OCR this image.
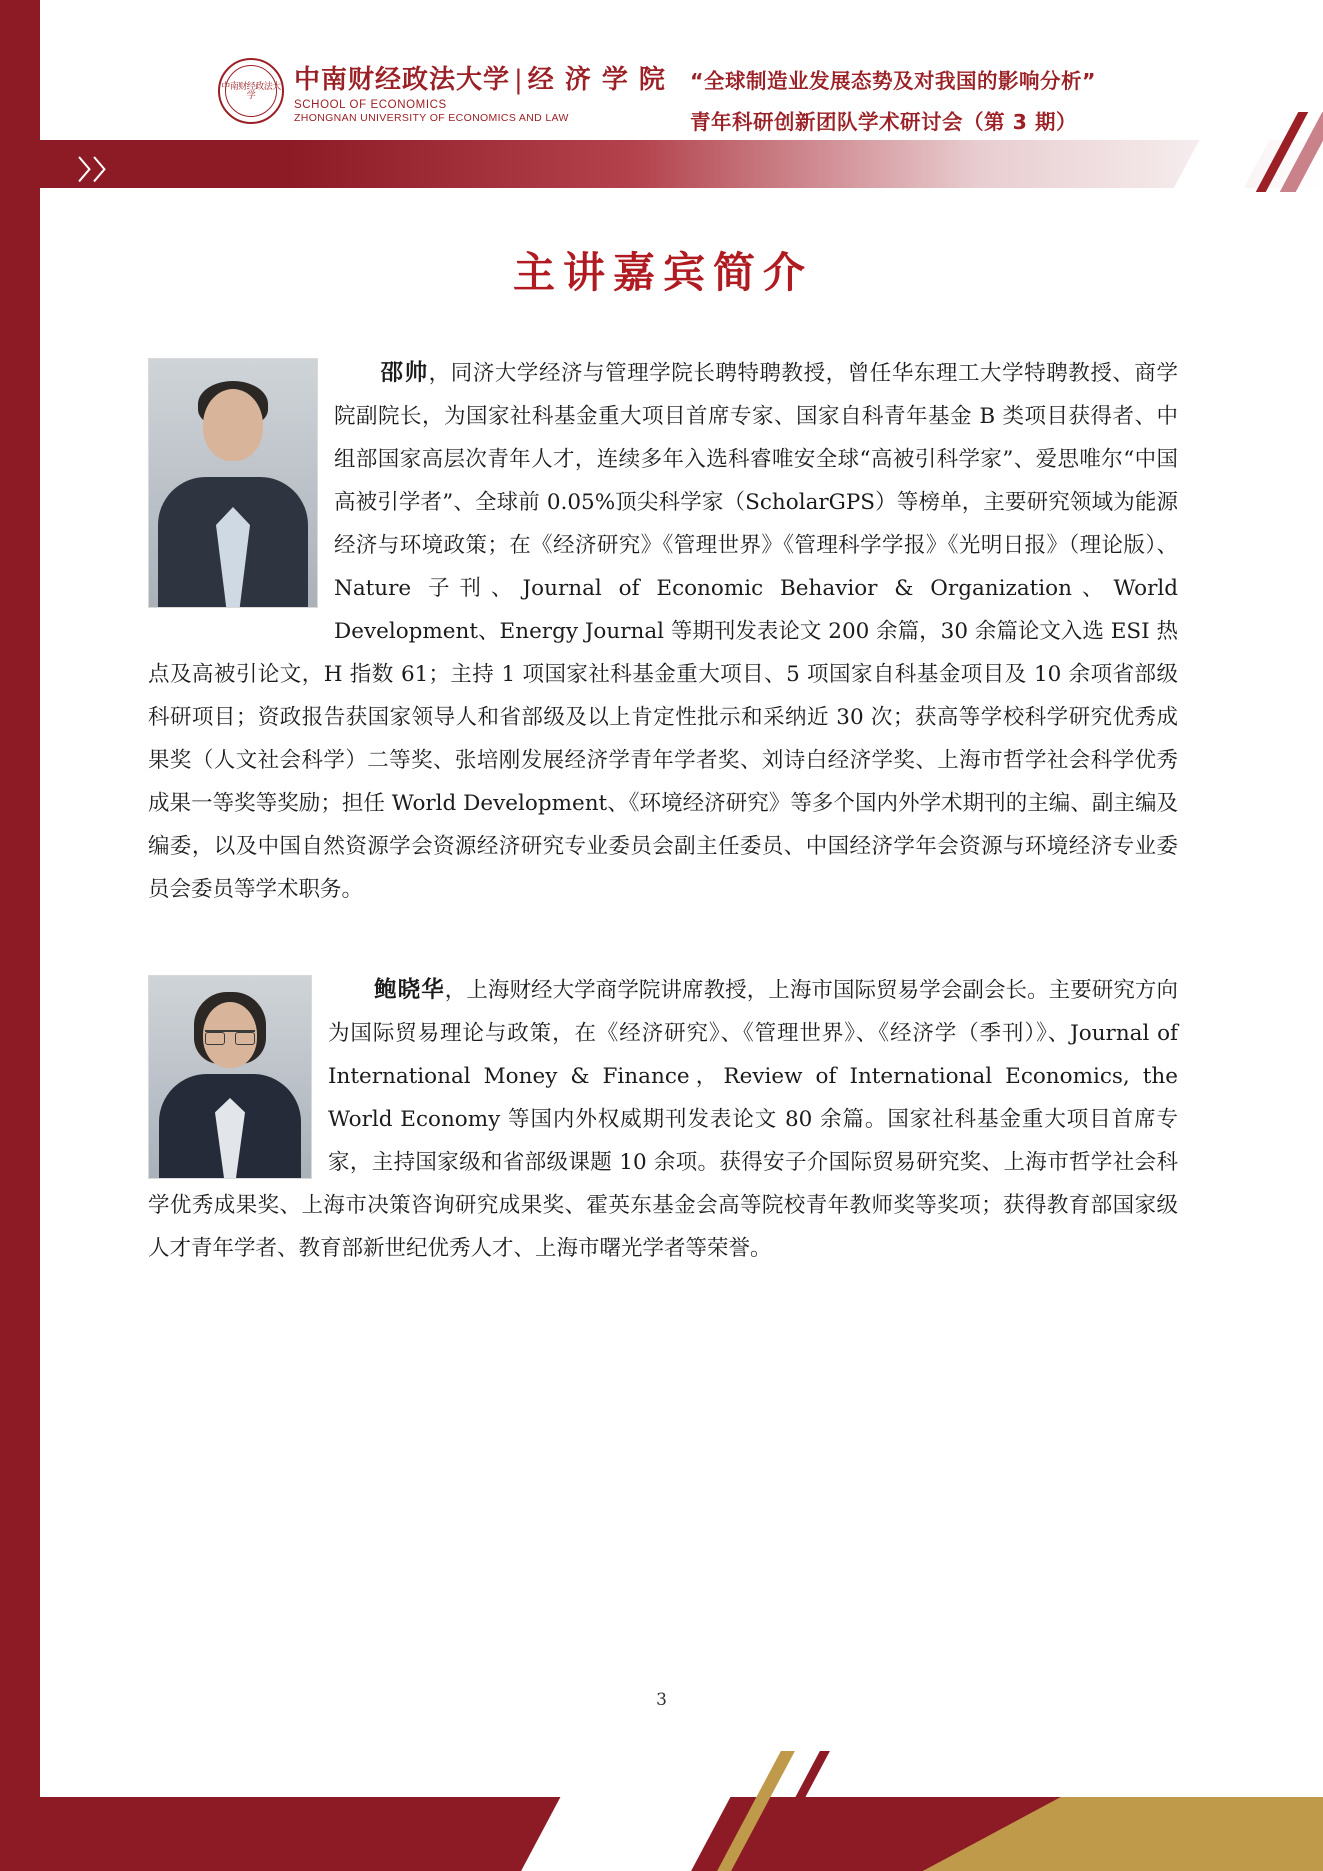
〉〉
中南财经政法大学
中南财经政法大学 | 经 济 学 院
SCHOOL OF ECONOMICS
ZHONGNAN UNIVERSITY OF ECONOMICS AND LAW
“全球制造业发展态势及对我国的影响分析”
青年科研创新团队学术研讨会（第 3 期）
主讲嘉宾简介
邵帅，同济大学经济与管理学院长聘特聘教授，曾任华东理工大学特聘教授、商学院副院长，为国家社科基金重大项目首席专家、国家自科青年基金 B 类项目获得者、中组部国家高层次青年人才，连续多年入选科睿唯安全球“高被引科学家”、爱思唯尔“中国高被引学者”、全球前 0.05%顶尖科学家（ScholarGPS）等榜单，主要研究领域为能源经济与环境政策；在《经济研究》《管理世界》《管理科学学报》《光明日报》（理论版）、Nature 子刊、Journal of Economic Behavior & Organization、World Development、Energy Journal 等期刊发表论文 200 余篇，30 余篇论文入选 ESI 热点及高被引论文，H 指数 61；主持 1 项国家社科基金重大项目、5 项国家自科基金项目及 10 余项省部级科研项目；资政报告获国家领导人和省部级及以上肯定性批示和采纳近 30 次；获高等学校科学研究优秀成果奖（人文社会科学）二等奖、张培刚发展经济学青年学者奖、刘诗白经济学奖、上海市哲学社会科学优秀成果一等奖等奖励；担任 World Development、《环境经济研究》等多个国内外学术期刊的主编、副主编及编委，以及中国自然资源学会资源经济研究专业委员会副主任委员、中国经济学年会资源与环境经济专业委员会委员等学术职务。
鲍晓华，上海财经大学商学院讲席教授，上海市国际贸易学会副会长。主要研究方向为国际贸易理论与政策，在《经济研究》、《管理世界》、《经济学（季刊）》、Journal of International Money & Finance，Review of International Economics, the World Economy 等国内外权威期刊发表论文 80 余篇。国家社科基金重大项目首席专家，主持国家级和省部级课题 10 余项。获得安子介国际贸易研究奖、上海市哲学社会科学优秀成果奖、上海市决策咨询研究成果奖、霍英东基金会高等院校青年教师奖等奖项；获得教育部国家级人才青年学者、教育部新世纪优秀人才、上海市曙光学者等荣誉。
3
